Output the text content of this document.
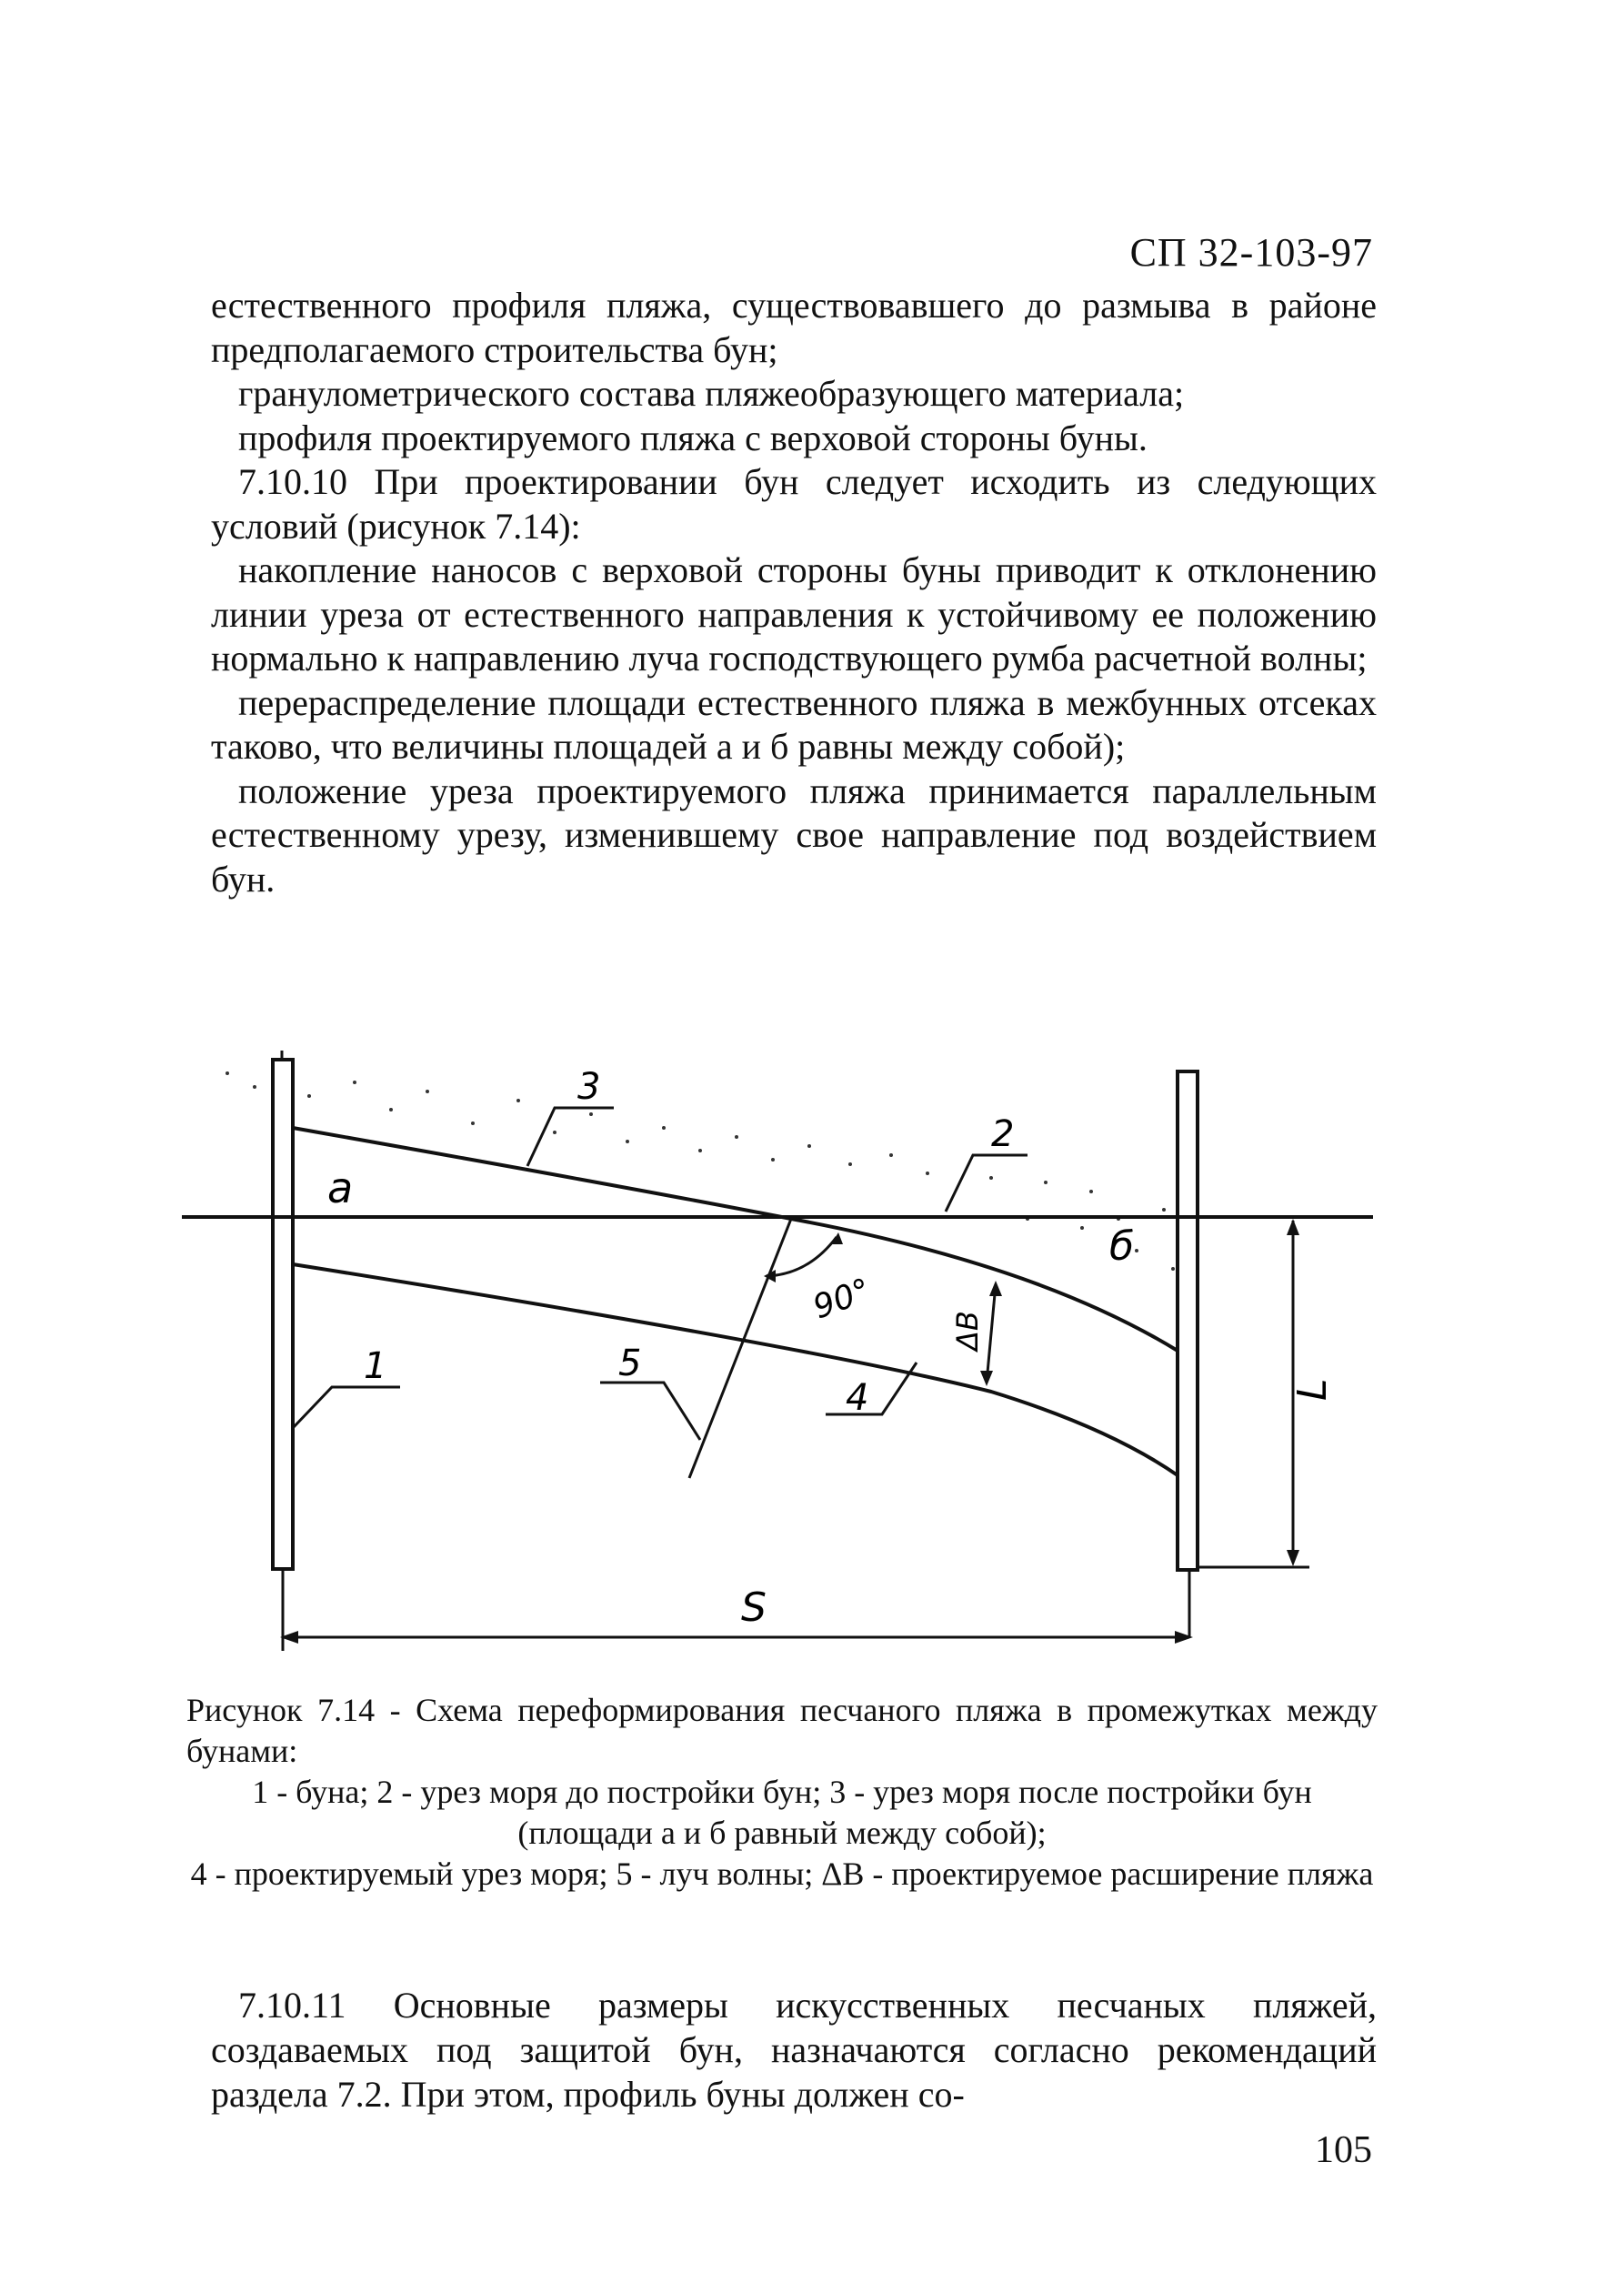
СП 32-103-97

естественного профиля пляжа, существовавшего до размыва в районе предполагаемого строительства бун;

гранулометрического состава пляжеобразующего материала;

профиля проектируемого пляжа с верховой стороны буны.

7.10.10 При проектировании бун следует исходить из следующих условий (рисунок 7.14):

накопление наносов с верховой стороны буны приводит к отклонению линии уреза от естественного направления к устойчивому ее положению нормально к направлению луча господствующего румба расчетной волны;

перераспределение площади естественного пляжа в межбунных отсеках таково, что величины площадей а и б равны между собой);

положение уреза проектируемого пляжа принимается параллельным естественному урезу, изменившему свое направление под воздействием бун.

а
б
1
2
3
4
5
90°
ΔВ
L
S
Рисунок 7.14 - Схема переформирования песчаного пляжа в промежутках между бунами:
1 - буна; 2 - урез моря до постройки бун; 3 - урез моря после постройки бун (площади а и б равный между собой);
4 - проектируемый урез моря; 5 - луч волны; ΔВ - проектируемое расширение пляжа

7.10.11 Основные размеры искусственных песчаных пляжей, создаваемых под защитой бун, назначаются согласно рекомендаций раздела 7.2. При этом, профиль буны должен со-

105
